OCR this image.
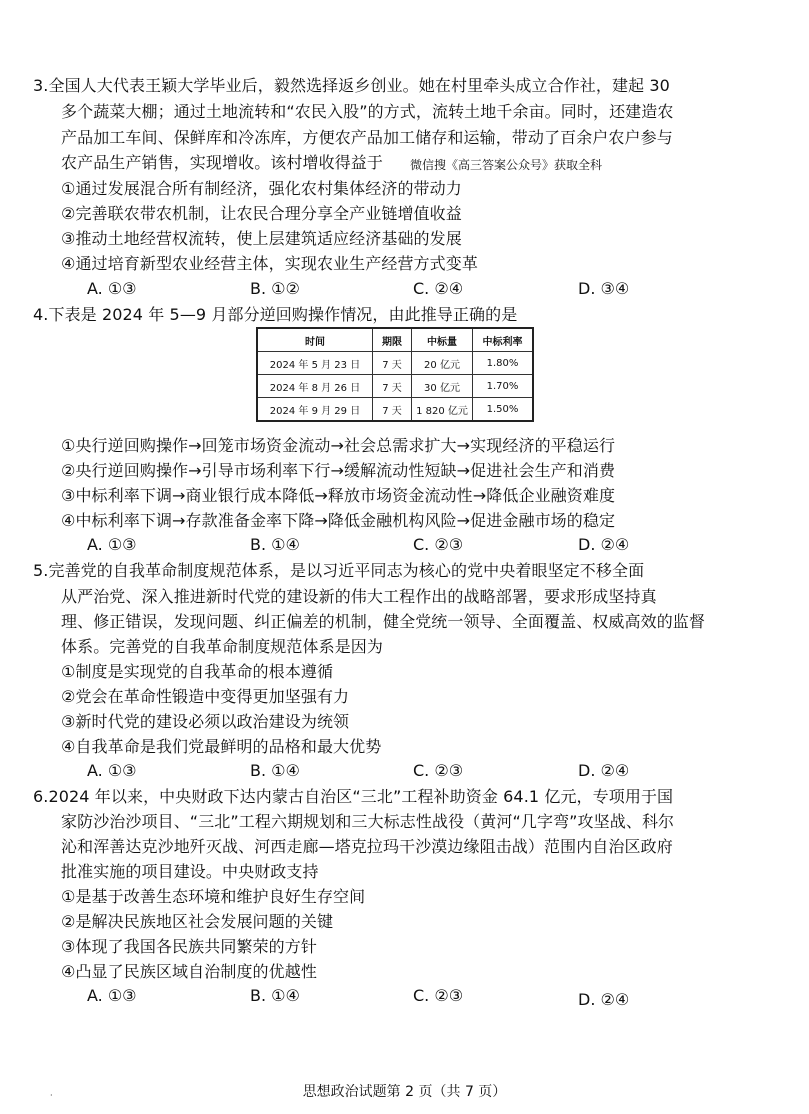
3.全国人大代表王颖大学毕业后，毅然选择返乡创业。她在村里牵头成立合作社，建起 30
多个蔬菜大棚；通过土地流转和“农民入股”的方式，流转土地千余亩。同时，还建造农
产品加工车间、保鲜库和冷冻库，方便农产品加工储存和运输，带动了百余户农户参与
农产品生产销售，实现增收。该村增收得益于 微信搜《高三答案公众号》获取全科
①通过发展混合所有制经济，强化农村集体经济的带动力
②完善联农带农机制，让农民合理分享全产业链增值收益
③推动土地经营权流转，使上层建筑适应经济基础的发展
④通过培育新型农业经营主体，实现农业生产经营方式变革
A. ①③	B. ①②	C. ②④	D. ③④
4.下表是 2024 年 5—9 月部分逆回购操作情况，由此推导正确的是
时间	期限	中标量	中标利率
2024 年 5 月 23 日	7 天	20 亿元	1.80%
2024 年 8 月 26 日	7 天	30 亿元	1.70%
2024 年 9 月 29 日	7 天	1 820 亿元	1.50%
①央行逆回购操作→回笼市场资金流动→社会总需求扩大→实现经济的平稳运行
②央行逆回购操作→引导市场利率下行→缓解流动性短缺→促进社会生产和消费
③中标利率下调→商业银行成本降低→释放市场资金流动性→降低企业融资难度
④中标利率下调→存款准备金率下降→降低金融机构风险→促进金融市场的稳定
A. ①③	B. ①④	C. ②③	D. ②④
5.完善党的自我革命制度规范体系，是以习近平同志为核心的党中央着眼坚定不移全面
从严治党、深入推进新时代党的建设新的伟大工程作出的战略部署，要求形成坚持真
理、修正错误，发现问题、纠正偏差的机制，健全党统一领导、全面覆盖、权威高效的监督
体系。完善党的自我革命制度规范体系是因为
①制度是实现党的自我革命的根本遵循
②党会在革命性锻造中变得更加坚强有力
③新时代党的建设必须以政治建设为统领
④自我革命是我们党最鲜明的品格和最大优势
A. ①③	B. ①④	C. ②③	D. ②④
6.2024 年以来，中央财政下达内蒙古自治区“三北”工程补助资金 64.1 亿元，专项用于国
家防沙治沙项目、“三北”工程六期规划和三大标志性战役（黄河“几字弯”攻坚战、科尔
沁和浑善达克沙地歼灭战、河西走廊—塔克拉玛干沙漠边缘阻击战）范围内自治区政府
批准实施的项目建设。中央财政支持
①是基于改善生态环境和维护良好生存空间
②是解决民族地区社会发展问题的关键
③体现了我国各民族共同繁荣的方针
④凸显了民族区域自治制度的优越性
A. ①③	B. ①④	C. ②③	D. ②④
·	思想政治试题第 2 页（共 7 页）
